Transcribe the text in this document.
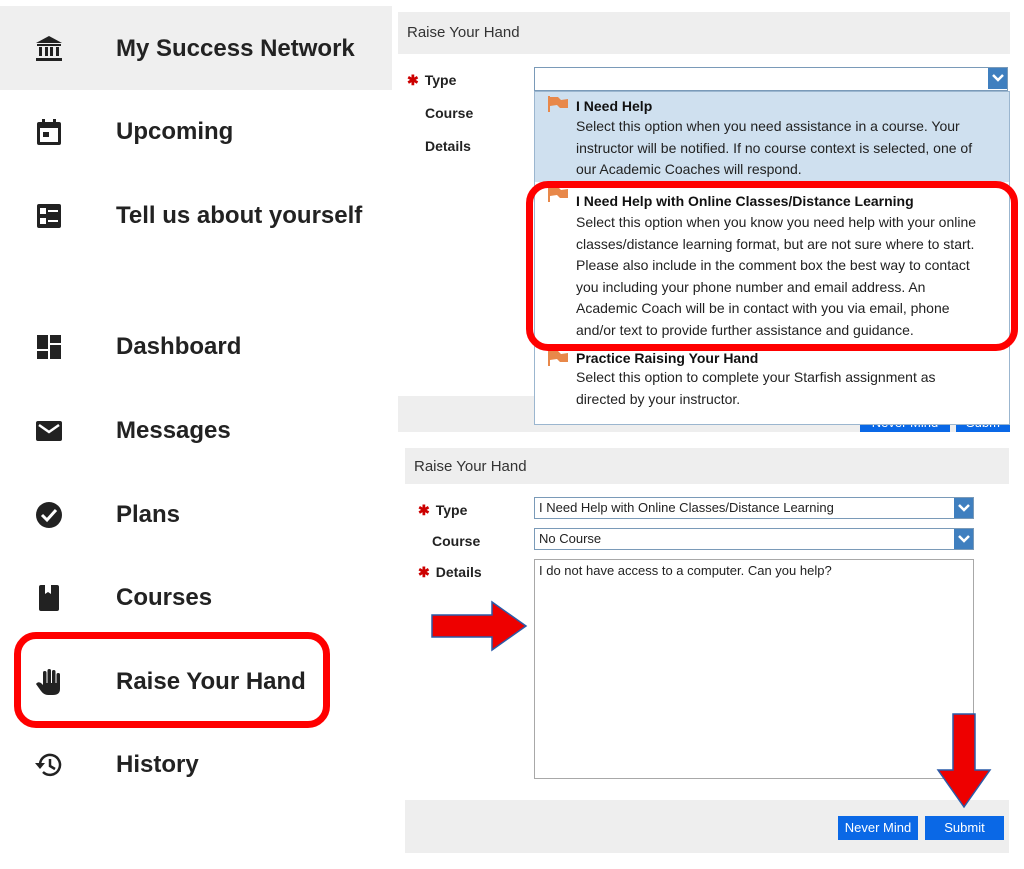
My Success Network
Upcoming
Tell us about yourself
Dashboard
Messages
Plans
Courses
Raise Your Hand
History
Raise Your Hand
✱ Type
Course
Details
I Need Help
Select this option when you need assistance in a course. Your instructor will be notified. If no course context is selected, one of our Academic Coaches will respond.
I Need Help with Online Classes/Distance Learning
Select this option when you know you need help with your online classes/distance learning format, but are not sure where to start. Please also include in the comment box the best way to contact you including your phone number and email address. An Academic Coach will be in contact with you via email, phone and/or text to provide further assistance and guidance.
Practice Raising Your Hand
Select this option to complete your Starfish assignment as directed by your instructor.
Raise Your Hand
✱ Type
Course
✱ Details
I Need Help with Online Classes/Distance Learning
No Course
I do not have access to a computer. Can you help?
Never Mind	Submit
